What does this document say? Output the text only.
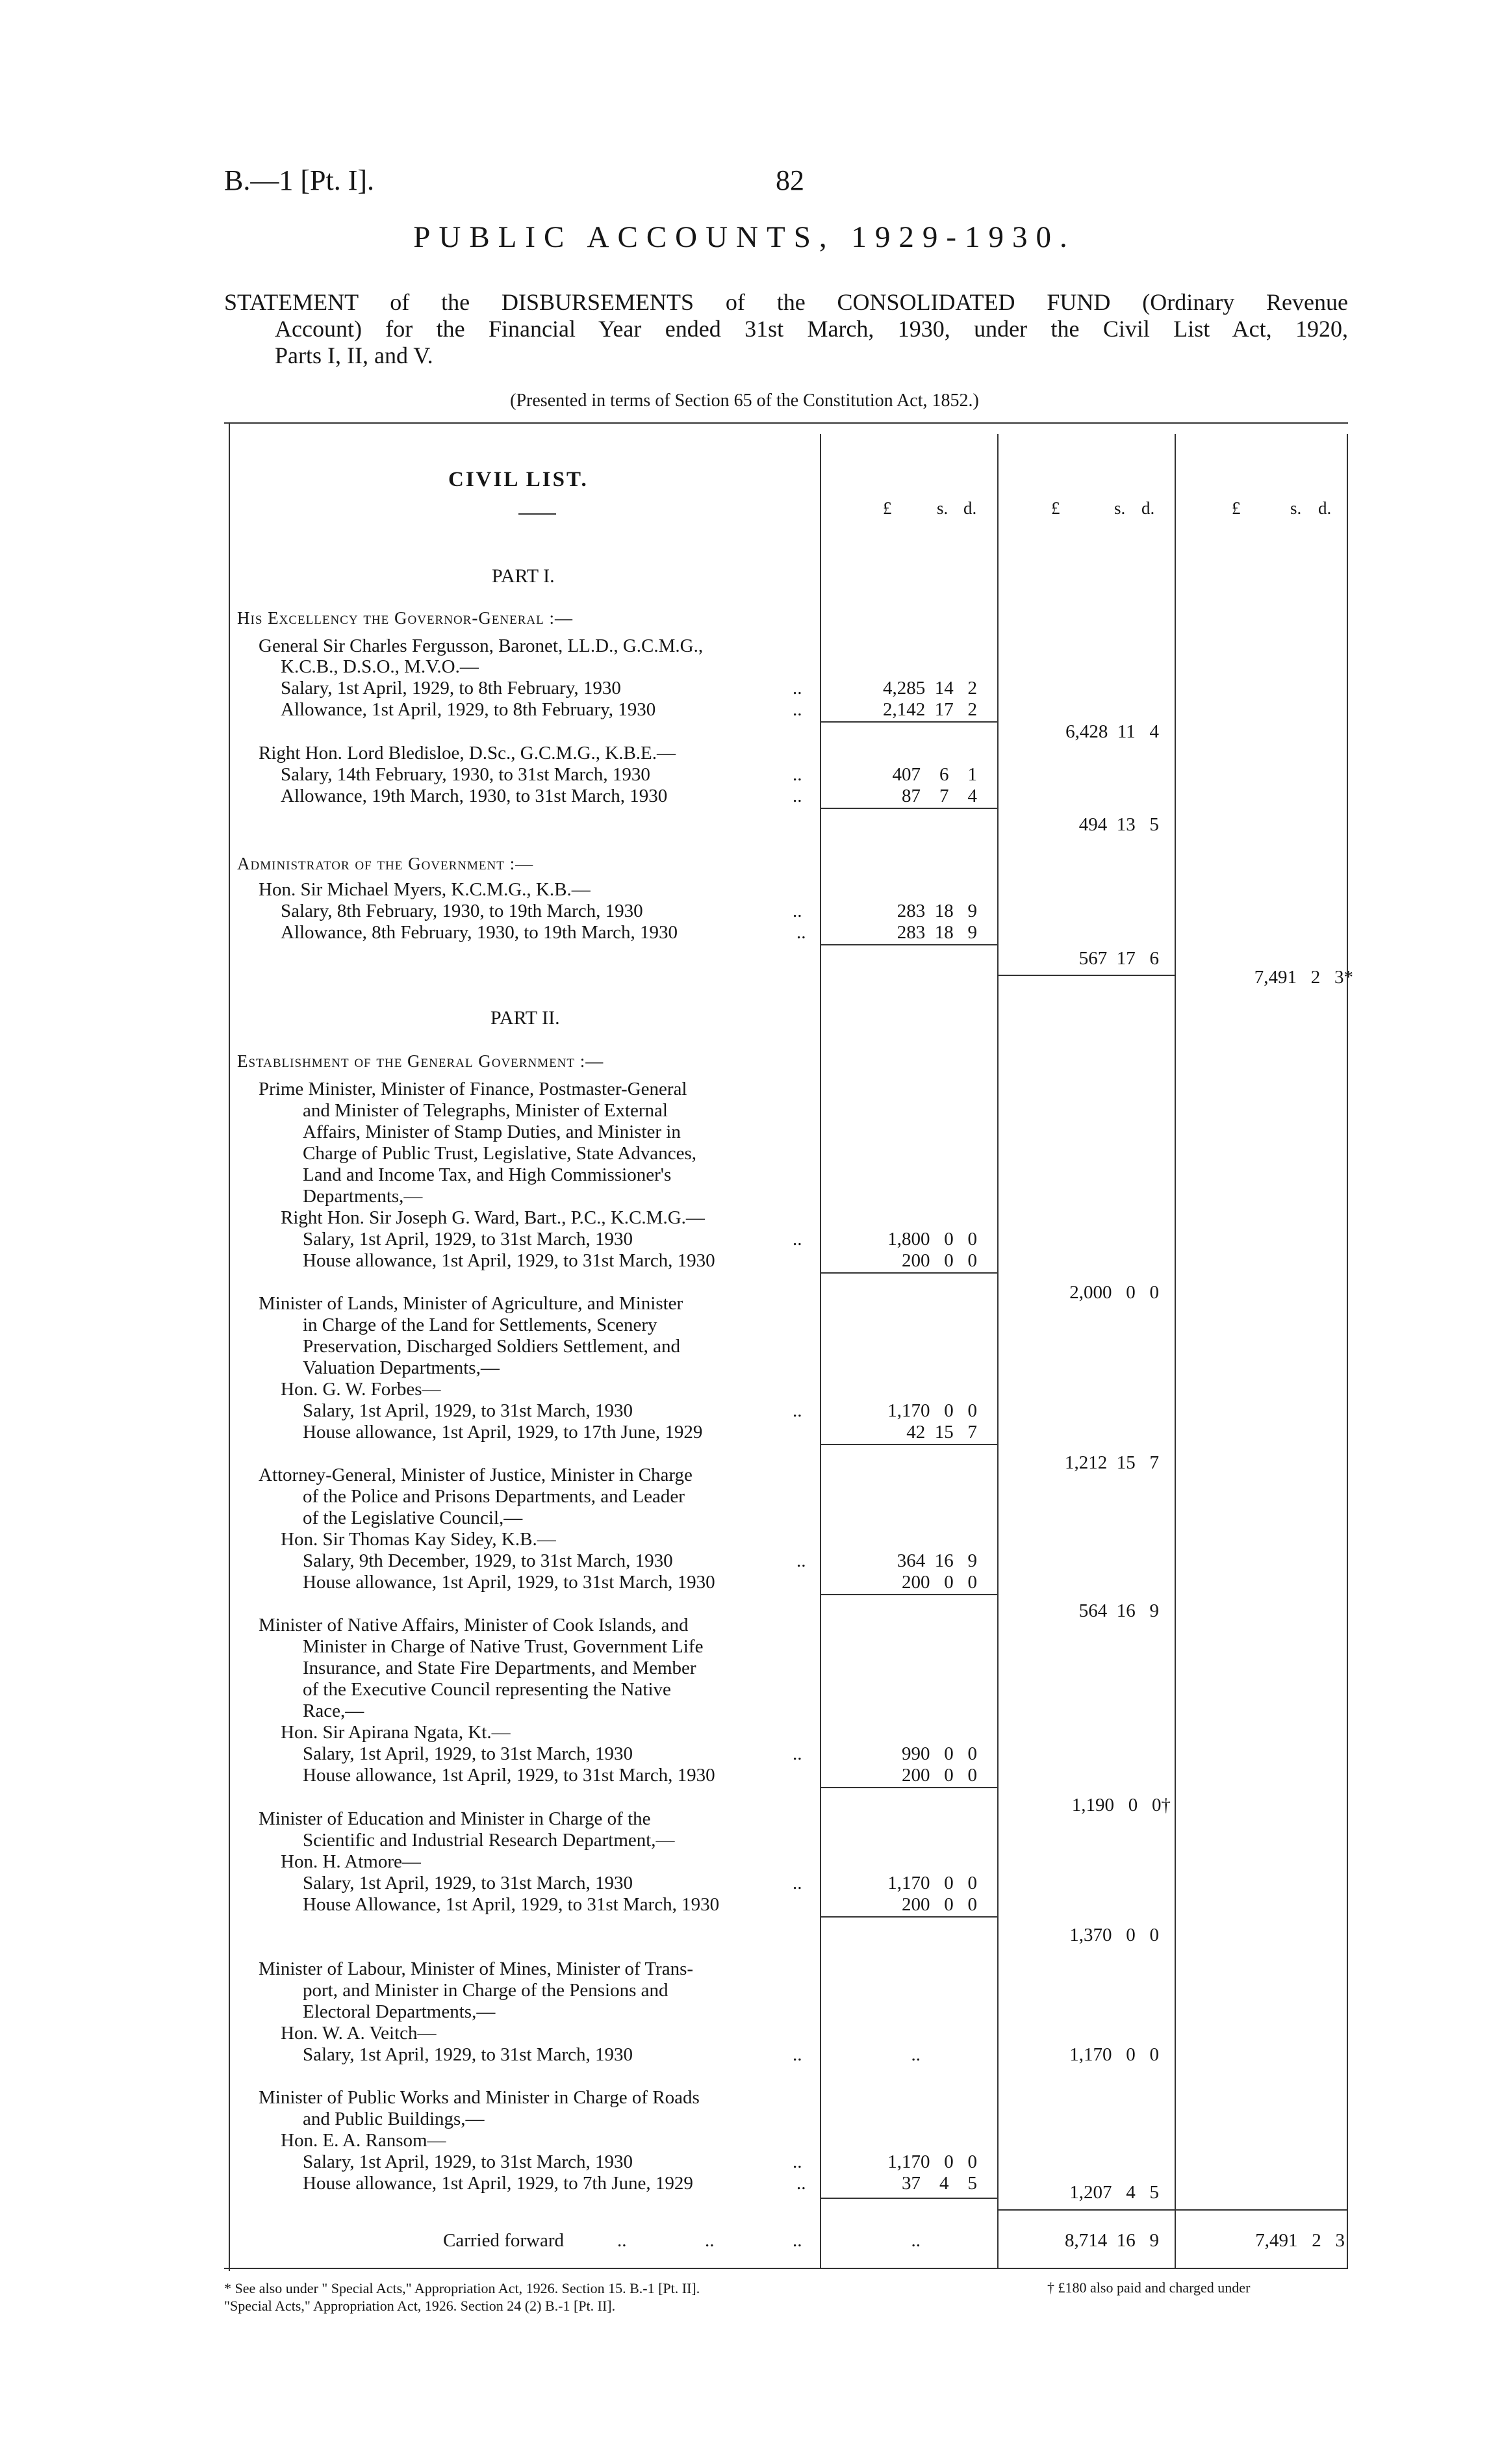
B.—1 [Pt. I].	82
PUBLIC ACCOUNTS, 1929-1930.

STATEMENT of the DISBURSEMENTS of the CONSOLIDATED FUND (Ordinary Revenue

Account) for the Financial Year ended 31st March, 1930, under the Civil List Act, 1920,

Parts I, II, and V.

(Presented in terms of Section 65 of the Constitution Act, 1852.)
£	s. d.	£	s. d.	£	s. d.
CIVIL LIST.
PART I.
His Excellency the Governor-General :—
General Sir Charles Fergusson, Baronet, LL.D., G.C.M.G.,
K.C.B., D.S.O., M.V.O.—
Salary, 1st April, 1929, to 8th February, 1930	..	4,285 14 2
Allowance, 1st April, 1929, to 8th February, 1930	..	2,142 17 2
6,428 11 4
Right Hon. Lord Bledisloe, D.Sc., G.C.M.G., K.B.E.—
Salary, 14th February, 1930, to 31st March, 1930	..	407 6 1
Allowance, 19th March, 1930, to 31st March, 1930	..	87 7 4
494 13 5
Administrator of the Government :—
Hon. Sir Michael Myers, K.C.M.G., K.B.—
Salary, 8th February, 1930, to 19th March, 1930	..	283 18 9
Allowance, 8th February, 1930, to 19th March, 1930	..	283 18 9
567 17 6
7,491 2 3*
PART II.
Establishment of the General Government :—
Prime Minister, Minister of Finance, Postmaster-General
and Minister of Telegraphs, Minister of External
Affairs, Minister of Stamp Duties, and Minister in
Charge of Public Trust, Legislative, State Advances,
Land and Income Tax, and High Commissioner's
Departments,—
Right Hon. Sir Joseph G. Ward, Bart., P.C., K.C.M.G.—
Salary, 1st April, 1929, to 31st March, 1930	..	1,800 0 0
House allowance, 1st April, 1929, to 31st March, 1930	200 0 0
2,000 0 0
Minister of Lands, Minister of Agriculture, and Minister
in Charge of the Land for Settlements, Scenery
Preservation, Discharged Soldiers Settlement, and
Valuation Departments,—
Hon. G. W. Forbes—
Salary, 1st April, 1929, to 31st March, 1930	..	1,170 0 0
House allowance, 1st April, 1929, to 17th June, 1929	42 15 7
1,212 15 7
Attorney-General, Minister of Justice, Minister in Charge
of the Police and Prisons Departments, and Leader
of the Legislative Council,—
Hon. Sir Thomas Kay Sidey, K.B.—
Salary, 9th December, 1929, to 31st March, 1930	..	364 16 9
House allowance, 1st April, 1929, to 31st March, 1930	200 0 0
564 16 9
Minister of Native Affairs, Minister of Cook Islands, and
Minister in Charge of Native Trust, Government Life
Insurance, and State Fire Departments, and Member
of the Executive Council representing the Native
Race,—
Hon. Sir Apirana Ngata, Kt.—
Salary, 1st April, 1929, to 31st March, 1930	..	990 0 0
House allowance, 1st April, 1929, to 31st March, 1930	200 0 0
1,190 0 0†
Minister of Education and Minister in Charge of the
Scientific and Industrial Research Department,—
Hon. H. Atmore—
Salary, 1st April, 1929, to 31st March, 1930	..	1,170 0 0
House Allowance, 1st April, 1929, to 31st March, 1930	200 0 0
1,370 0 0
Minister of Labour, Minister of Mines, Minister of Trans-
port, and Minister in Charge of the Pensions and
Electoral Departments,—
Hon. W. A. Veitch—
Salary, 1st April, 1929, to 31st March, 1930	..	..	1,170 0 0
Minister of Public Works and Minister in Charge of Roads
and Public Buildings,—
Hon. E. A. Ransom—
Salary, 1st April, 1929, to 31st March, 1930	..	1,170 0 0
House allowance, 1st April, 1929, to 7th June, 1929	..	37 4 5	1,207 4 5
Carried forward	..	..	..	..	8,714 16 9	7,491 2 3
* See also under " Special Acts," Appropriation Act, 1926. Section 15. B.-1 [Pt. II].
"Special Acts," Appropriation Act, 1926. Section 24 (2) B.-1 [Pt. II].
† £180 also paid and charged under
